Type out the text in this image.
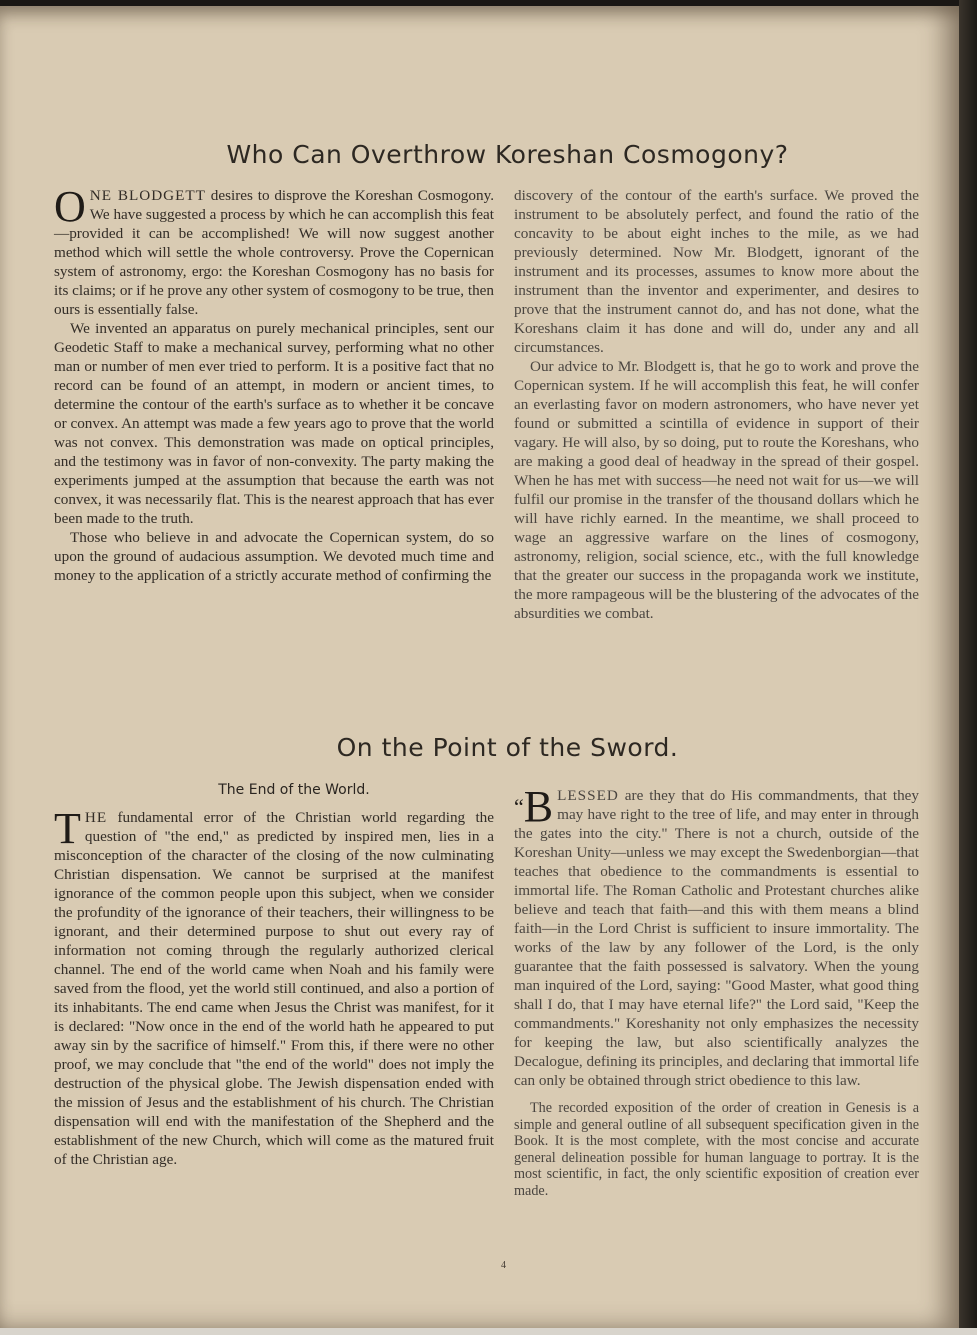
Who Can Overthrow Koreshan Cosmogony?

ONE BLODGETT desires to disprove the Koreshan Cosmogony. We have suggested a process by which he can accomplish this feat—provided it can be accomplished! We will now suggest another method which will settle the whole controversy. Prove the Copernican system of astronomy, ergo: the Koreshan Cosmogony has no basis for its claims; or if he prove any other system of cosmogony to be true, then ours is essentially false.

We invented an apparatus on purely mechanical principles, sent our Geodetic Staff to make a mechanical survey, performing what no other man or number of men ever tried to perform. It is a positive fact that no record can be found of an attempt, in modern or ancient times, to determine the contour of the earth's surface as to whether it be concave or convex. An attempt was made a few years ago to prove that the world was not convex. This demonstration was made on optical principles, and the testimony was in favor of non-convexity. The party making the experiments jumped at the assumption that because the earth was not convex, it was necessarily flat. This is the nearest approach that has ever been made to the truth.

Those who believe in and advocate the Copernican system, do so upon the ground of audacious assumption. We devoted much time and money to the application of a strictly accurate method of confirming the

discovery of the contour of the earth's surface. We proved the instrument to be absolutely perfect, and found the ratio of the concavity to be about eight inches to the mile, as we had previously determined. Now Mr. Blodgett, ignorant of the instrument and its processes, assumes to know more about the instrument than the inventor and experimenter, and desires to prove that the instrument cannot do, and has not done, what the Koreshans claim it has done and will do, under any and all circumstances.

Our advice to Mr. Blodgett is, that he go to work and prove the Copernican system. If he will accomplish this feat, he will confer an everlasting favor on modern astronomers, who have never yet found or submitted a scintilla of evidence in support of their vagary. He will also, by so doing, put to route the Koreshans, who are making a good deal of headway in the spread of their gospel. When he has met with success—he need not wait for us—we will fulfil our promise in the transfer of the thousand dollars which he will have richly earned. In the meantime, we shall proceed to wage an aggressive warfare on the lines of cosmogony, astronomy, religion, social science, etc., with the full knowledge that the greater our success in the propaganda work we institute, the more rampageous will be the blustering of the advocates of the absurdities we combat.

On the Point of the Sword.
The End of the World.

THE fundamental error of the Christian world regarding the question of "the end," as predicted by inspired men, lies in a misconception of the character of the closing of the now culminating Christian dispensation. We cannot be surprised at the manifest ignorance of the common people upon this subject, when we consider the profundity of the ignorance of their teachers, their willingness to be ignorant, and their determined purpose to shut out every ray of information not coming through the regularly authorized clerical channel. The end of the world came when Noah and his family were saved from the flood, yet the world still continued, and also a portion of its inhabitants. The end came when Jesus the Christ was manifest, for it is declared: "Now once in the end of the world hath he appeared to put away sin by the sacrifice of himself." From this, if there were no other proof, we may conclude that "the end of the world" does not imply the destruction of the physical globe. The Jewish dispensation ended with the mission of Jesus and the establishment of his church. The Christian dispensation will end with the manifestation of the Shepherd and the establishment of the new Church, which will come as the matured fruit of the Christian age.

“B LESSED are they that do His commandments, that they may have right to the tree of life, and may enter in through the gates into the city." There is not a church, outside of the Koreshan Unity—unless we may except the Swedenborgian—that teaches that obedience to the commandments is essential to immortal life. The Roman Catholic and Protestant churches alike believe and teach that faith—and this with them means a blind faith—in the Lord Christ is sufficient to insure immortality. The works of the law by any follower of the Lord, is the only guarantee that the faith possessed is salvatory. When the young man inquired of the Lord, saying: "Good Master, what good thing shall I do, that I may have eternal life?" the Lord said, "Keep the commandments." Koreshanity not only emphasizes the necessity for keeping the law, but also scientifically analyzes the Decalogue, defining its principles, and declaring that immortal life can only be obtained through strict obedience to this law.

The recorded exposition of the order of creation in Genesis is a simple and general outline of all subsequent specification given in the Book. It is the most complete, with the most concise and accurate general delineation possible for human language to portray. It is the most scientific, in fact, the only scientific exposition of creation ever made.

4
